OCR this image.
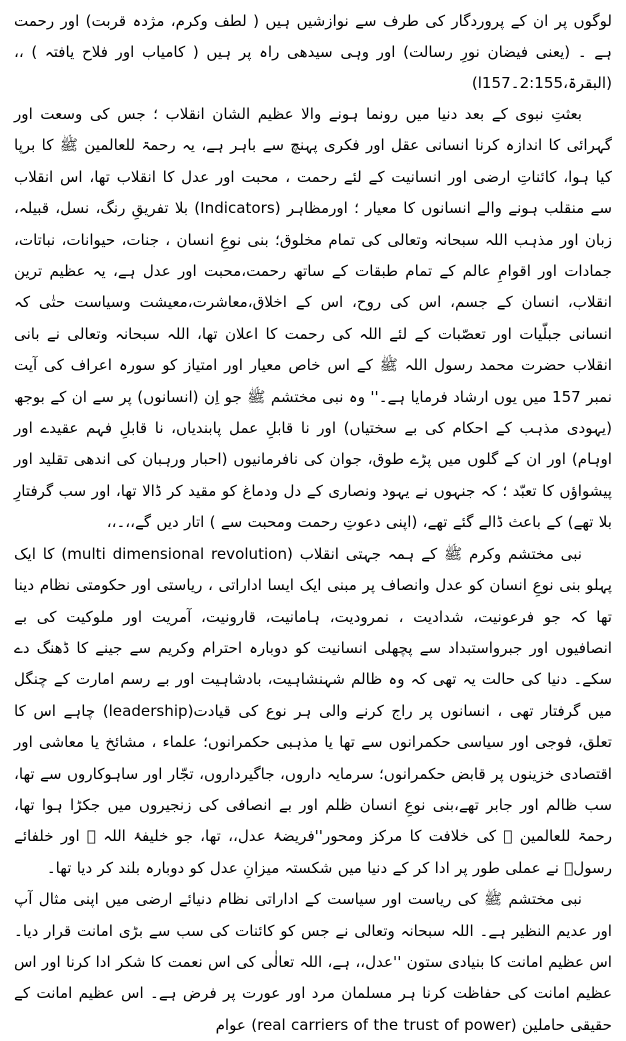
لوگوں پر ان کے پروردگار کی طرف سے نوازشیں ہیں ( لطف وکرم، مژدہ قربت) اور رحمت ہے ۔ (یعنی فیضان نورِ رسالت) اور وہی سیدھی راہ پر ہیں ( کامیاب اور فلاح یافتہ ) ،، (البقرۃ،2:155۔157ا)

بعثتِ نبوی کے بعد دنیا میں رونما ہونے والا عظیم الشان انقلاب ؛ جس کی وسعت اور گہرائی کا اندازہ کرنا انسانی عقل اور فکری پہنچ سے باہر ہے، یہ رحمۃ للعالمین ﷺ کا برپا کیا ہوا، کائناتِ ارضی اور انسانیت کے لئے رحمت ، محبت اور عدل کا انقلاب تھا، اس انقلاب سے منقلب ہونے والے انسانوں کا معیار ؛ اورمظاہر (Indicators) بلا تفریقِ رنگ، نسل، قبیلہ، زبان اور مذہب اللہ سبحانہ وتعالی کی تمام مخلوق؛ بنی نوعِ انسان ، جنات، حیوانات، نباتات، جمادات اور اقوامِ عالم کے تمام طبقات کے ساتھ رحمت،محبت اور عدل ہے، یہ عظیم ترین انقلاب، انسان کے جسم، اس کی روح، اس کے اخلاق،معاشرت،معیشت وسیاست حتٰی کہ انسانی جبلّیات اور تعصّبات کے لئے اللہ کی رحمت کا اعلان تھا، اللہ سبحانہ وتعالی نے بانی انقلاب حضرت محمد رسول اللہ ﷺ کے اس خاص معیار اور امتیاز کو سورہ اعراف کی آیت نمبر 157 میں یوں ارشاد فرمایا ہے۔'' وہ نبی مختشم ﷺ جو اِن (انسانوں) پر سے ان کے بوجھ (یہودی مذہب کے احکام کی بے سختیاں) اور نا قابلِ عمل پابندیاں، نا قابلِ فہم عقیدے اور اوہام) اور ان کے گلوں میں پڑے طوق، جوان کی نافرمانیوں (احبار ورہبان کی اندھی تقلید اور پیشواؤں کا تعبّد ؛ کہ جنہوں نے یہود ونصاری کے دل ودماغ کو مقید کر ڈالا تھا، اور سب گرفتارِ بلا تھے) کے باعث ڈالے گئے تھے، (اپنی دعوتِ رحمت ومحبت سے ) اتار دیں گے،،۔،،

نبی مختشم وکرم ﷺ کے ہمہ جہتی انقلاب (multi dimensional revolution) کا ایک پہلو بنی نوعِ انسان کو عدل وانصاف پر مبنی ایک ایسا اداراتی ، ریاستی اور حکومتی نظام دینا تھا کہ جو فرعونیت، شدادیت ، نمرودیت، ہامانیت، قارونیت، آمریت اور ملوکیت کی بے انصافیوں اور جبرواستبداد سے پچھلی انسانیت کو دوبارہ احترام وکریم سے جینے کا ڈھنگ دے سکے۔ دنیا کی حالت یہ تھی کہ وہ ظالم شہنشاہیت، بادشاہیت اور بے رسم امارت کے چنگل میں گرفتار تھی ، انسانوں پر راج کرنے والی ہر نوع کی قیادت(leadership) چاہے اس کا تعلق، فوجی اور سیاسی حکمرانوں سے تھا یا مذہبی حکمرانوں؛ علماء ، مشائخ یا معاشی اور اقتصادی خزینوں پر قابض حکمرانوں؛ سرمایہ داروں، جاگیرداروں، تجّار اور ساہوکاروں سے تھا، سب ظالم اور جابر تھے،بنی نوعِ انسان ظلم اور بے انصافی کی زنجیروں میں جکڑا ہوا تھا، رحمۃ للعالمین ﷺ کی خلافت کا مرکز ومحور''فریضۂ عدل،، تھا، جو خلیفۂ اللہ ﷺ اور خلفائے رسولؐ نے عملی طور پر ادا کر کے دنیا میں شکستہ میزانِ عدل کو دوبارہ بلند کر دیا تھا۔

نبی مختشم ﷺ کی ریاست اور سیاست کے اداراتی نظام دنیائے ارضی میں اپنی مثال آپ اور عدیم النظیر ہے۔ اللہ سبحانہ وتعالی نے جس کو کائنات کی سب سے بڑی امانت قرار دیا۔ اس عظیم امانت کا بنیادی ستون ''عدل،، ہے، اللہ تعالٰی کی اس نعمت کا شکر ادا کرنا اور اس عظیم امانت کی حفاظت کرنا ہر مسلمان مرد اور عورت پر فرض ہے۔ اس عظیم امانت کے حقیقی حاملین (real carriers of the trust of power) عوام
